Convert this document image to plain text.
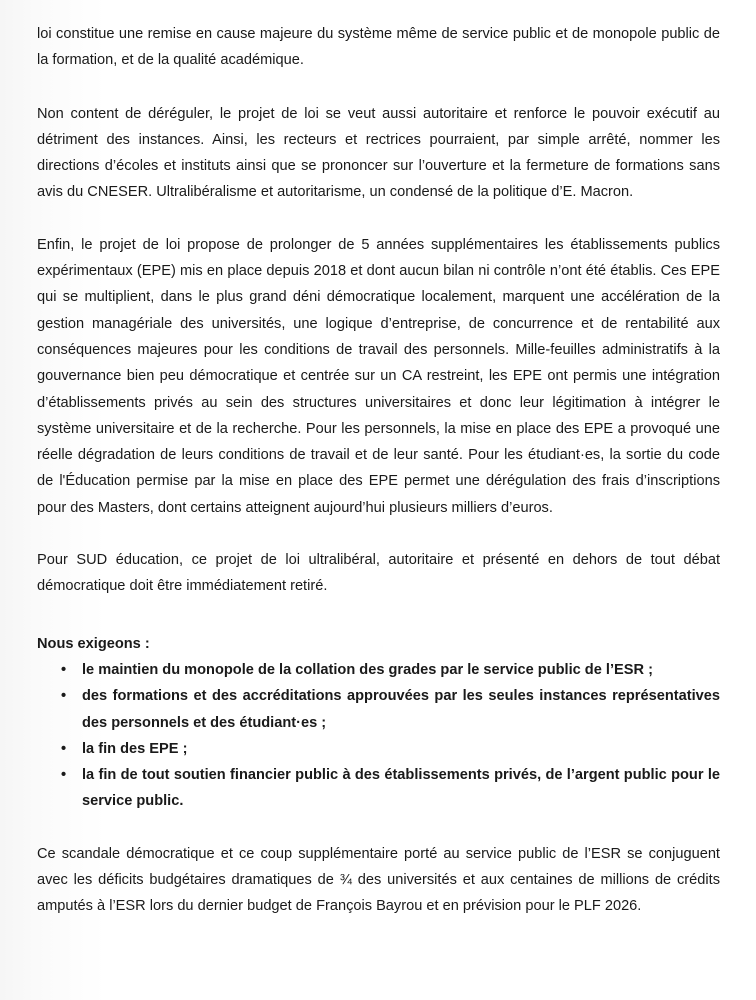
loi constitue une remise en cause majeure du système même de service public et de monopole public de la formation, et de la qualité académique.

Non content de déréguler, le projet de loi se veut aussi autoritaire et renforce le pouvoir exécutif au détriment des instances. Ainsi, les recteurs et rectrices pourraient, par simple arrêté, nommer les directions d’écoles et instituts ainsi que se prononcer sur l’ouverture et la fermeture de formations sans avis du CNESER. Ultralibéralisme et autoritarisme, un condensé de la politique d’E. Macron.

Enfin, le projet de loi propose de prolonger de 5 années supplémentaires les établissements publics expérimentaux (EPE) mis en place depuis 2018 et dont aucun bilan ni contrôle n’ont été établis. Ces EPE qui se multiplient, dans le plus grand déni démocratique localement, marquent une accélération de la gestion managériale des universités, une logique d’entreprise, de concurrence et de rentabilité aux conséquences majeures pour les conditions de travail des personnels. Mille-feuilles administratifs à la gouvernance bien peu démocratique et centrée sur un CA restreint, les EPE ont permis une intégration d’établissements privés au sein des structures universitaires et donc leur légitimation à intégrer le système universitaire et de la recherche. Pour les personnels, la mise en place des EPE a provoqué une réelle dégradation de leurs conditions de travail et de leur santé. Pour les étudiant·es, la sortie du code de l'Éducation permise par la mise en place des EPE permet une dérégulation des frais d’inscriptions pour des Masters, dont certains atteignent aujourd’hui plusieurs milliers d’euros.

Pour SUD éducation, ce projet de loi ultralibéral, autoritaire et présenté en dehors de tout débat démocratique doit être immédiatement retiré.

Nous exigeons :

• le maintien du monopole de la collation des grades par le service public de l’ESR ;
• des formations et des accréditations approuvées par les seules instances représentatives des personnels et des étudiant·es ;
• la fin des EPE ;
• la fin de tout soutien financier public à des établissements privés, de l’argent public pour le service public.

Ce scandale démocratique et ce coup supplémentaire porté au service public de l’ESR se conjuguent avec les déficits budgétaires dramatiques de ¾ des universités et aux centaines de millions de crédits amputés à l’ESR lors du dernier budget de François Bayrou et en prévision pour le PLF 2026.
